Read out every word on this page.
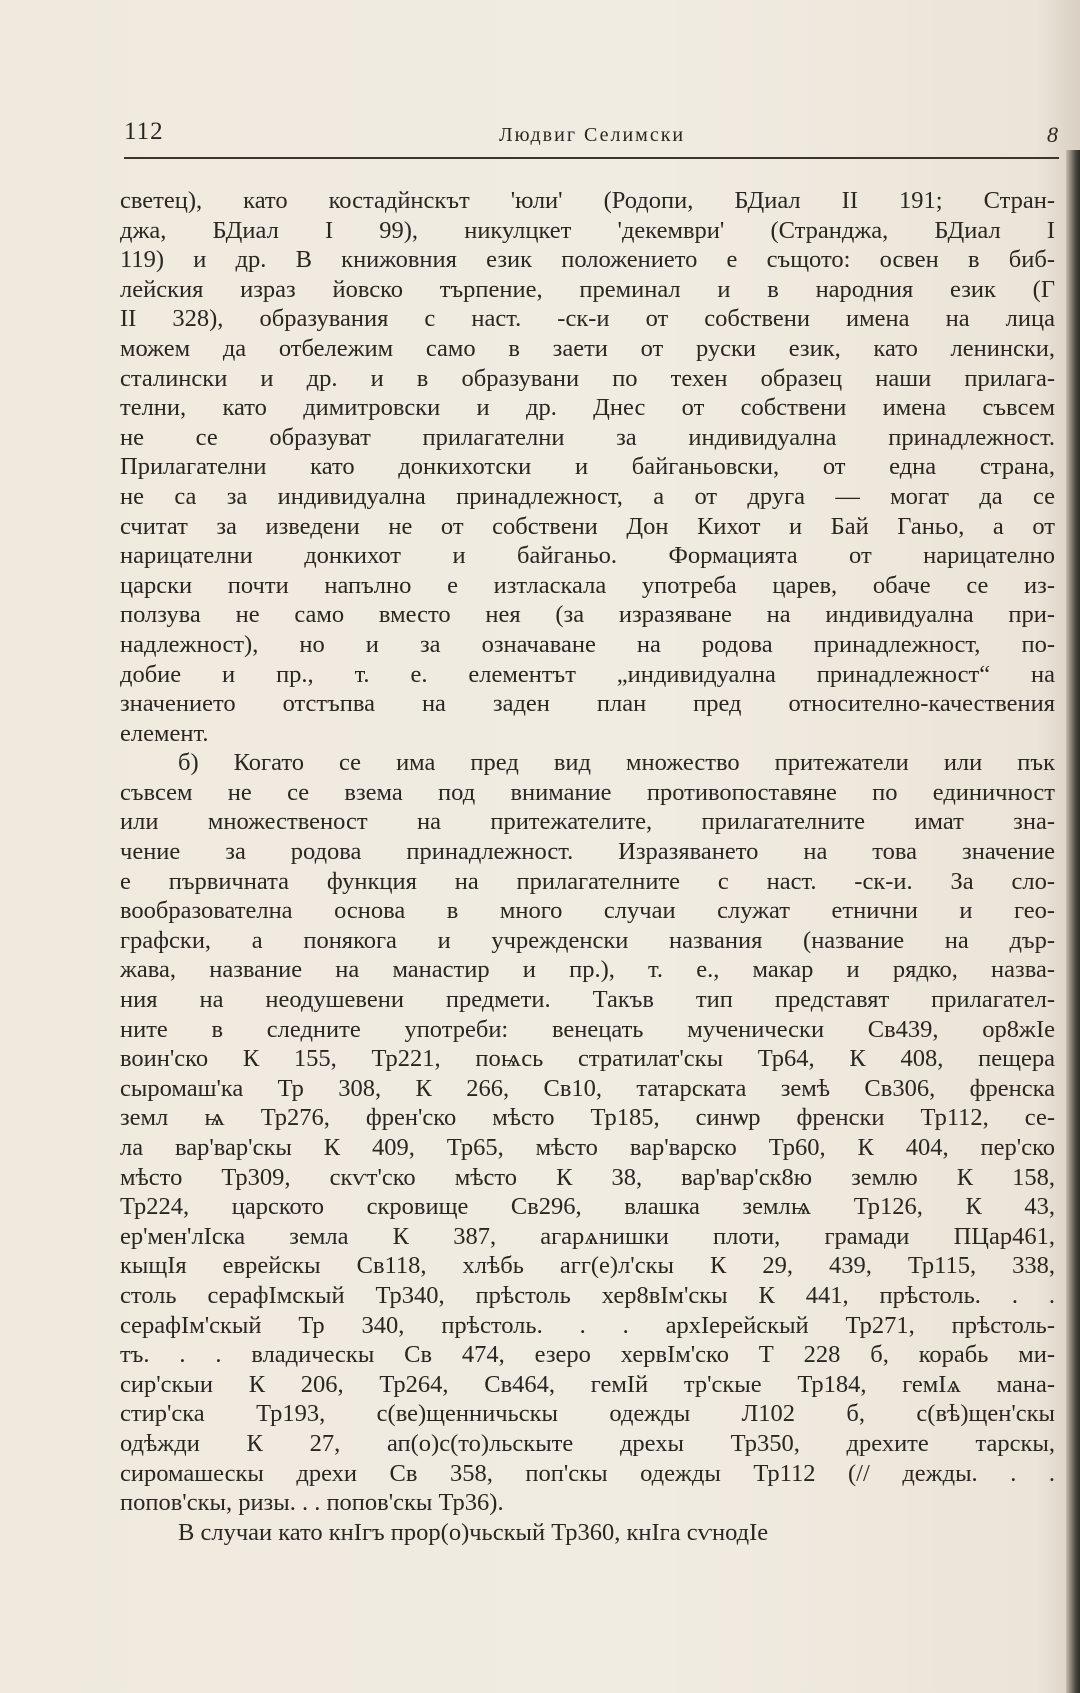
112	Людвиг Селимски	8
светец), като костадйнскът 'юли' (Родопи, БДиал II 191; Стран-
джа, БДиал I 99), никулцкет 'декември' (Странджа, БДиал I
119) и др. В книжовния език положението е същото: освен в биб-
лейския израз йовско търпение, преминал и в народния език (Г
II 328), образувания с наст. -ск-и от собствени имена на лица
можем да отбележим само в заети от руски език, като ленински,
сталински и др. и в образувани по техен образец наши прилага-
телни, като димитровски и др. Днес от собствени имена съвсем
не се образуват прилагателни за индивидуална принадлежност.
Прилагателни като донкихотски и байганьовски, от една страна,
не са за индивидуална принадлежност, а от друга — могат да се
считат за изведени не от собствени Дон Кихот и Бай Ганьо, а от
нарицателни донкихот и байганьо. Формацията от нарицателно
царски почти напълно е изтласкала употреба царев, обаче се из-
ползува не само вместо нея (за изразяване на индивидуална при-
надлежност), но и за означаване на родова принадлежност, по-
добие и пр., т. е. елементът „индивидуална принадлежност“ на
значението отстъпва на заден план пред относително-качествения
елемент.
б) Когато се има пред вид множество притежатели или пък
съвсем не се взема под внимание противопоставяне по единичност
или множественост на притежателите, прилагателните имат зна-
чение за родова принадлежност. Изразяването на това значение
е първичната функция на прилагателните с наст. -ск-и. За сло-
вообразователна основа в много случаи служат етнични и гео-
графски, а понякога и учрежденски названия (название на дър-
жава, название на манастир и пр.), т. е., макар и рядко, назва-
ния на неодушевени предмети. Такъв тип представят прилагател-
ните в следните употреби: венецать мученически Св439, ор8жIе
воин'ско К 155, Тр221, поѩсь стратилат'скы Тр64, К 408, пещера
сыромаш'ка Тр 308, К 266, Св10, татарската земѣ Св306, френска
земл ѩ Тр276, френ'ско мѣсто Тр185, синѡр френски Тр112, се-
ла вар'вар'скы К 409, Тр65, мѣсто вар'варско Тр60, К 404, пер'ско
мѣсто Тр309, скѵт'ско мѣсто К 38, вар'вар'ск8ю землю К 158,
Тр224, царското скровище Св296, влашка землѩ Тр126, К 43,
ер'мен'лIска земла К 387, агарѧнишки плоти, грамади ПЦар461,
кыщIя еврейскы Св118, хлѣбь агг(е)л'скы К 29, 439, Тр115, 338,
столь серафIмскый Тр340, прѣстоль хер8вIм'скы К 441, прѣстоль. . .
серафIм'скый Тр 340, прѣстоль. . . архIерейскый Тр271, прѣстоль-
тъ. . . владическы Св 474, езеро хервIм'ско Т 228 б, корабь ми-
сир'скыи К 206, Тр264, Св464, гемIй тр'скые Тр184, гемIѧ мана-
стир'ска Тр193, с(ве)щенничьскы одежды Л102 б, с(вѣ)щен'скы
одѣжди К 27, ап(о)с(то)льскыте дрехы Тр350, дрехите тарскы,
сиромашескы дрехи Св 358, поп'скы одежды Тр112 (// дежды. . .
попов'скы, ризы. . . попов'скы Тр36).
В случаи като кнIгъ прор(о)чьскый Тр360, кнIга сѵнодIе
